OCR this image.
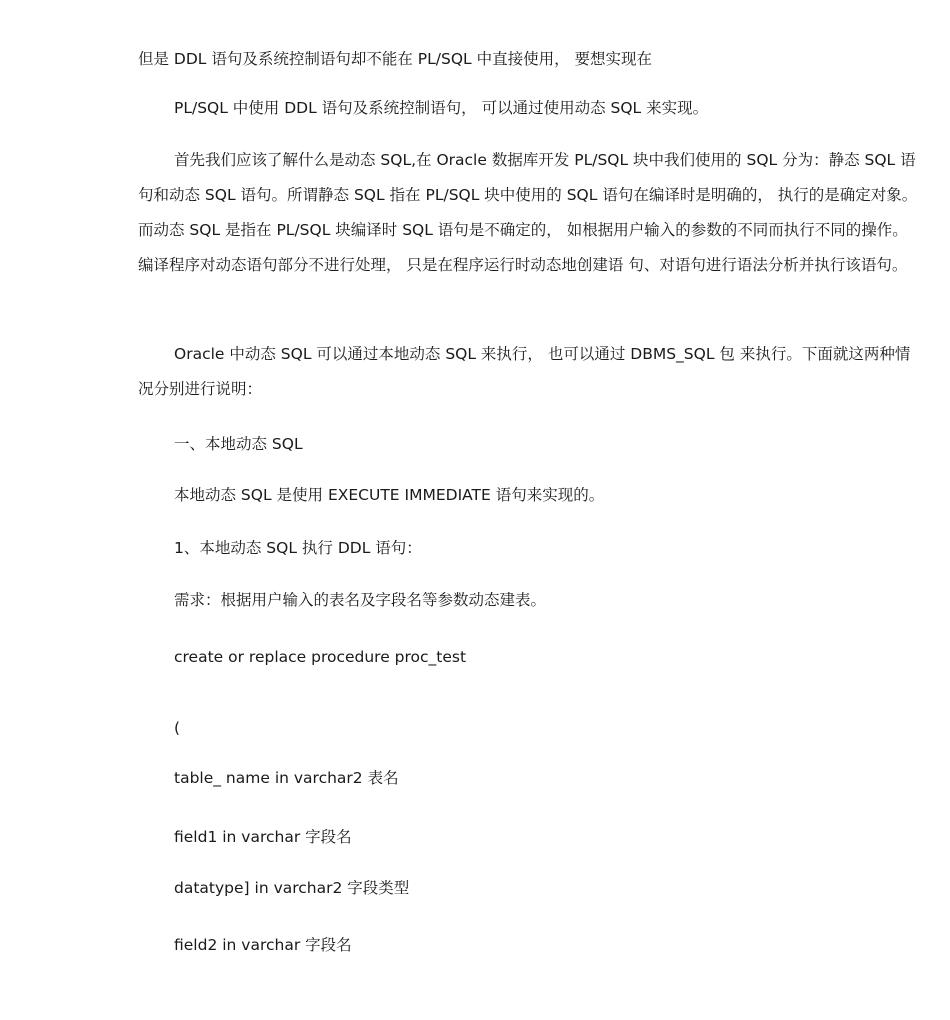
但是 DDL 语句及系统控制语句却不能在 PL/SQL 中直接使用， 要想实现在
PL/SQL 中使用 DDL 语句及系统控制语句， 可以通过使用动态 SQL 来实现。
首先我们应该了解什么是动态 SQL,在 Oracle 数据库开发 PL/SQL 块中我们使用的 SQL 分为：静态 SQL 语句和动态 SQL 语句。所谓静态 SQL 指在 PL/SQL 块中使用的 SQL 语句在编译时是明确的， 执行的是确定对象。而动态 SQL 是指在 PL/SQL 块编译时 SQL 语句是不确定的， 如根据用户输入的参数的不同而执行不同的操作。编译程序对动态语句部分不进行处理， 只是在程序运行时动态地创建语 句、对语句进行语法分析并执行该语句。
Oracle 中动态 SQL 可以通过本地动态 SQL 来执行， 也可以通过 DBMS_SQL 包 来执行。下面就这两种情况分别进行说明：
一、本地动态 SQL
本地动态 SQL 是使用 EXECUTE IMMEDIATE 语句来实现的。
1、本地动态 SQL 执行 DDL 语句：
需求：根据用户输入的表名及字段名等参数动态建表。
create or replace procedure proc_test
(
table_ name in varchar2 表名
field1 in varchar 字段名
datatype] in varchar2 字段类型
field2 in varchar 字段名
